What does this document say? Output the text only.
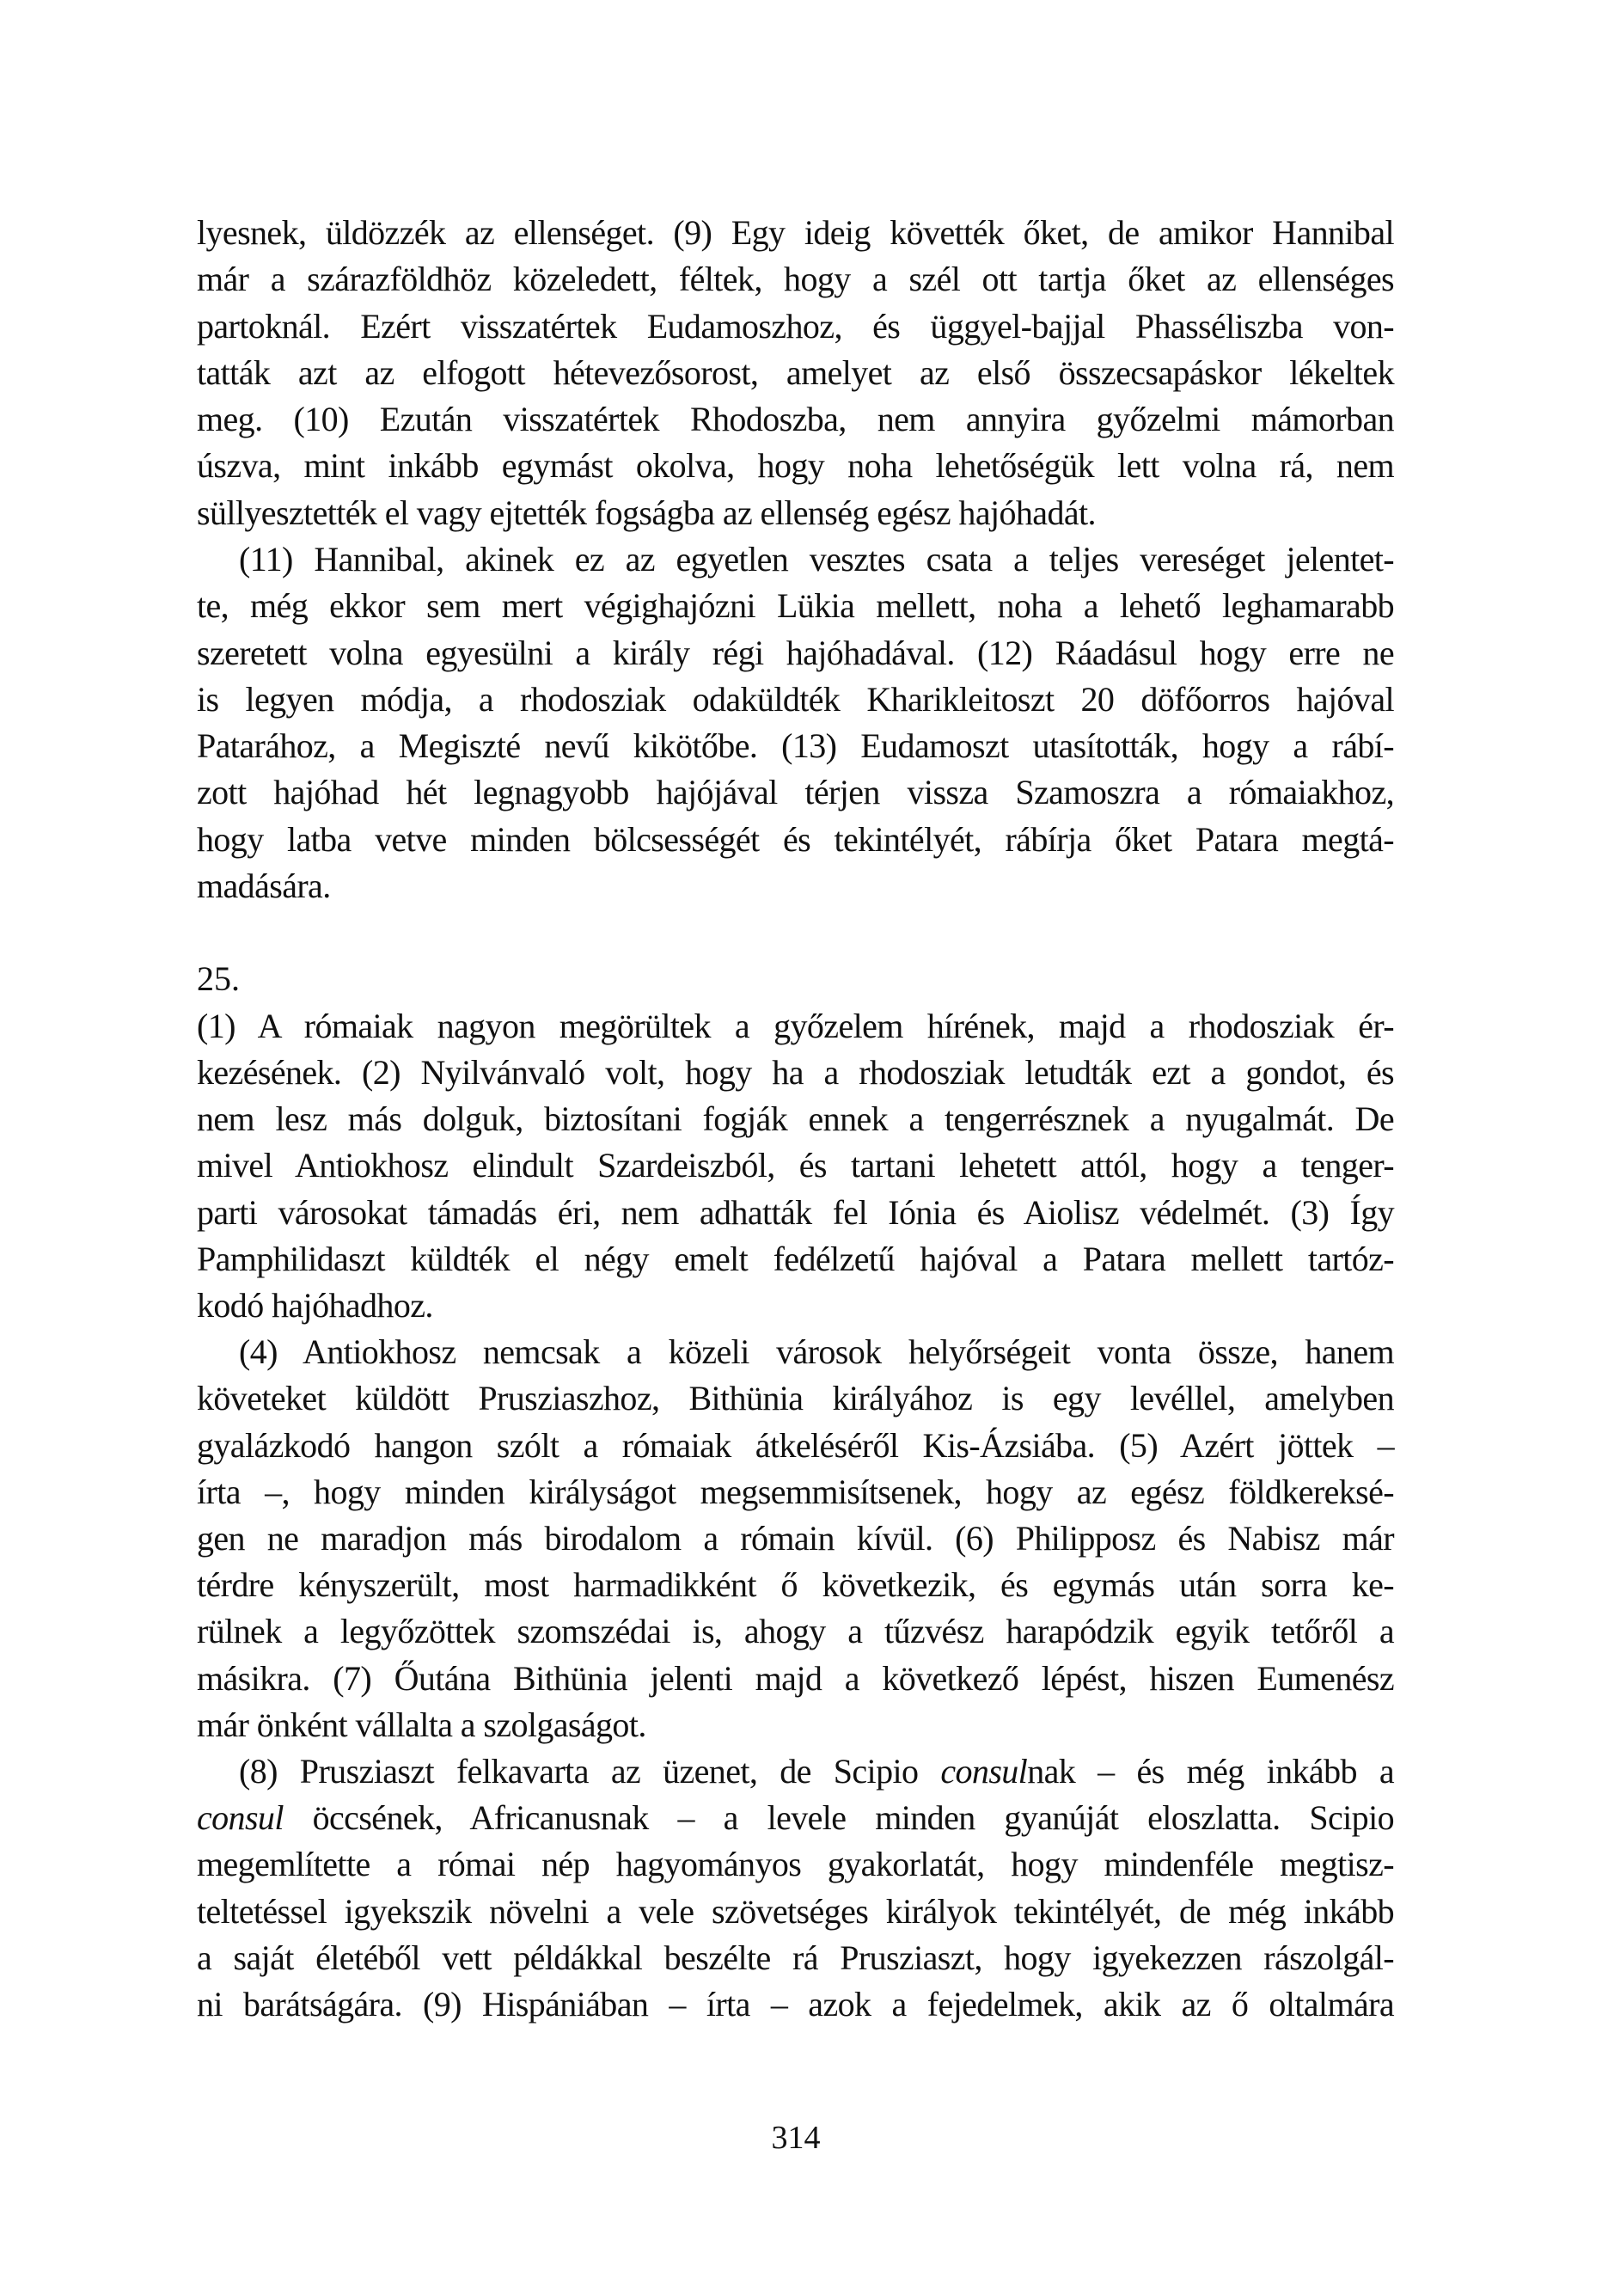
lyesnek, üldözzék az ellenséget. (9) Egy ideig követték őket, de amikor Hannibal
már a szárazföldhöz közeledett, féltek, hogy a szél ott tartja őket az ellenséges
partoknál. Ezért visszatértek Eudamoszhoz, és üggyel-bajjal Phasséliszba von-
tatták azt az elfogott hétevezősorost, amelyet az első összecsapáskor lékeltek
meg. (10) Ezután visszatértek Rhodoszba, nem annyira győzelmi mámorban
úszva, mint inkább egymást okolva, hogy noha lehetőségük lett volna rá, nem
süllyesztették el vagy ejtették fogságba az ellenség egész hajóhadát.
(11) Hannibal, akinek ez az egyetlen vesztes csata a teljes vereséget jelentet-
te, még ekkor sem mert végighajózni Lükia mellett, noha a lehető leghamarabb
szeretett volna egyesülni a király régi hajóhadával. (12) Ráadásul hogy erre ne
is legyen módja, a rhodosziak odaküldték Kharikleitoszt 20 döfőorros hajóval
Patarához, a Megiszté nevű kikötőbe. (13) Eudamoszt utasították, hogy a rábí-
zott hajóhad hét legnagyobb hajójával térjen vissza Szamoszra a rómaiakhoz,
hogy latba vetve minden bölcsességét és tekintélyét, rábírja őket Patara megtá-
madására.
25.
(1) A rómaiak nagyon megörültek a győzelem hírének, majd a rhodosziak ér-
kezésének. (2) Nyilvánvaló volt, hogy ha a rhodosziak letudták ezt a gondot, és
nem lesz más dolguk, biztosítani fogják ennek a tengerrésznek a nyugalmát. De
mivel Antiokhosz elindult Szardeiszból, és tartani lehetett attól, hogy a tenger-
parti városokat támadás éri, nem adhatták fel Iónia és Aiolisz védelmét. (3) Így
Pamphilidaszt küldték el négy emelt fedélzetű hajóval a Patara mellett tartóz-
kodó hajóhadhoz.
(4) Antiokhosz nemcsak a közeli városok helyőrségeit vonta össze, hanem
követeket küldött Prusziaszhoz, Bithünia királyához is egy levéllel, amelyben
gyalázkodó hangon szólt a rómaiak átkeléséről Kis-Ázsiába. (5) Azért jöttek –
írta –, hogy minden királyságot megsemmisítsenek, hogy az egész földkereksé-
gen ne maradjon más birodalom a rómain kívül. (6) Philipposz és Nabisz már
térdre kényszerült, most harmadikként ő következik, és egymás után sorra ke-
rülnek a legyőzöttek szomszédai is, ahogy a tűzvész harapódzik egyik tetőről a
másikra. (7) Őutána Bithünia jelenti majd a következő lépést, hiszen Eumenész
már önként vállalta a szolgaságot.
(8) Prusziaszt felkavarta az üzenet, de Scipio consulnak – és még inkább a
consul öccsének, Africanusnak – a levele minden gyanúját eloszlatta. Scipio
megemlítette a római nép hagyományos gyakorlatát, hogy mindenféle megtisz-
teltetéssel igyekszik növelni a vele szövetséges királyok tekintélyét, de még inkább
a saját életéből vett példákkal beszélte rá Prusziaszt, hogy igyekezzen rászolgál-
ni barátságára. (9) Hispániában – írta – azok a fejedelmek, akik az ő oltalmára
314
